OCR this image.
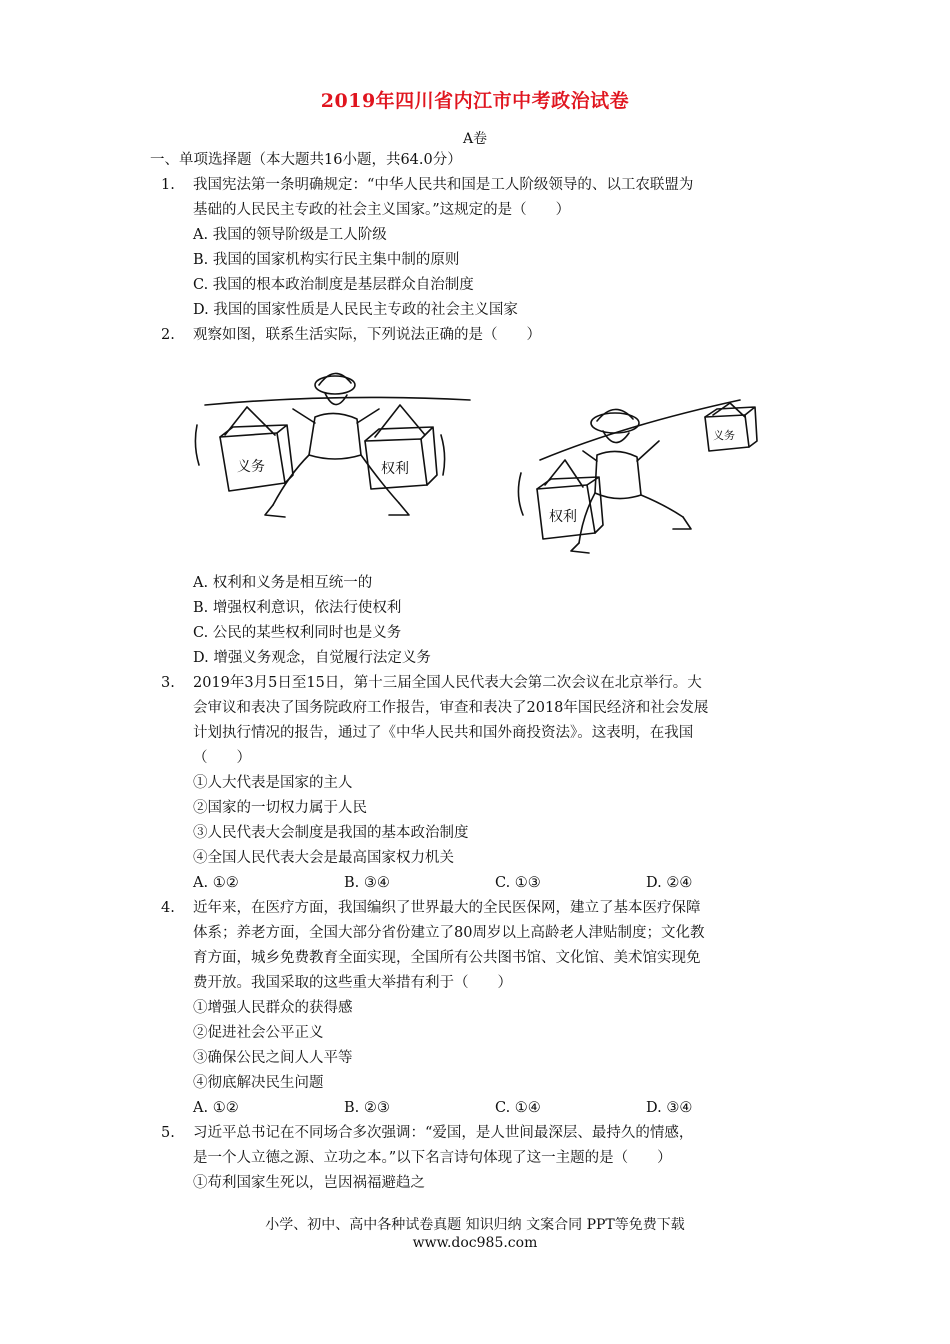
2019年四川省内江市中考政治试卷
A卷
一、单项选择题（本大题共16小题，共64.0分）
1. 我国宪法第一条明确规定：“中华人民共和国是工人阶级领导的、以工农联盟为
基础的人民民主专政的社会主义国家。”这规定的是（　　）
A. 我国的领导阶级是工人阶级
B. 我国的国家机构实行民主集中制的原则
C. 我国的根本政治制度是基层群众自治制度
D. 我国的国家性质是人民民主专政的社会主义国家
2. 观察如图，联系生活实际，下列说法正确的是（　　）
义务	权利
义务
权利
A. 权利和义务是相互统一的
B. 增强权利意识，依法行使权利
C. 公民的某些权利同时也是义务
D. 增强义务观念，自觉履行法定义务
3. 2019年3月5日至15日，第十三届全国人民代表大会第二次会议在北京举行。大
会审议和表决了国务院政府工作报告，审查和表决了2018年国民经济和社会发展
计划执行情况的报告，通过了《中华人民共和国外商投资法》。这表明，在我国
（　　）
①人大代表是国家的主人
②国家的一切权力属于人民
③人民代表大会制度是我国的基本政治制度
④全国人民代表大会是最高国家权力机关
A. ①②	B. ③④	C. ①③	D. ②④
4. 近年来，在医疗方面，我国编织了世界最大的全民医保网，建立了基本医疗保障
体系；养老方面，全国大部分省份建立了80周岁以上高龄老人津贴制度；文化教
育方面，城乡免费教育全面实现，全国所有公共图书馆、文化馆、美术馆实现免
费开放。我国采取的这些重大举措有利于（　　）
①增强人民群众的获得感
②促进社会公平正义
③确保公民之间人人平等
④彻底解决民生问题
A. ①②	B. ②③	C. ①④	D. ③④
5. 习近平总书记在不同场合多次强调：“爱国，是人世间最深层、最持久的情感，
是一个人立德之源、立功之本。”以下名言诗句体现了这一主题的是（　　）
①苟利国家生死以，岂因祸福避趋之
小学、初中、高中各种试卷真题 知识归纳 文案合同 PPT等免费下载
www.doc985.com
